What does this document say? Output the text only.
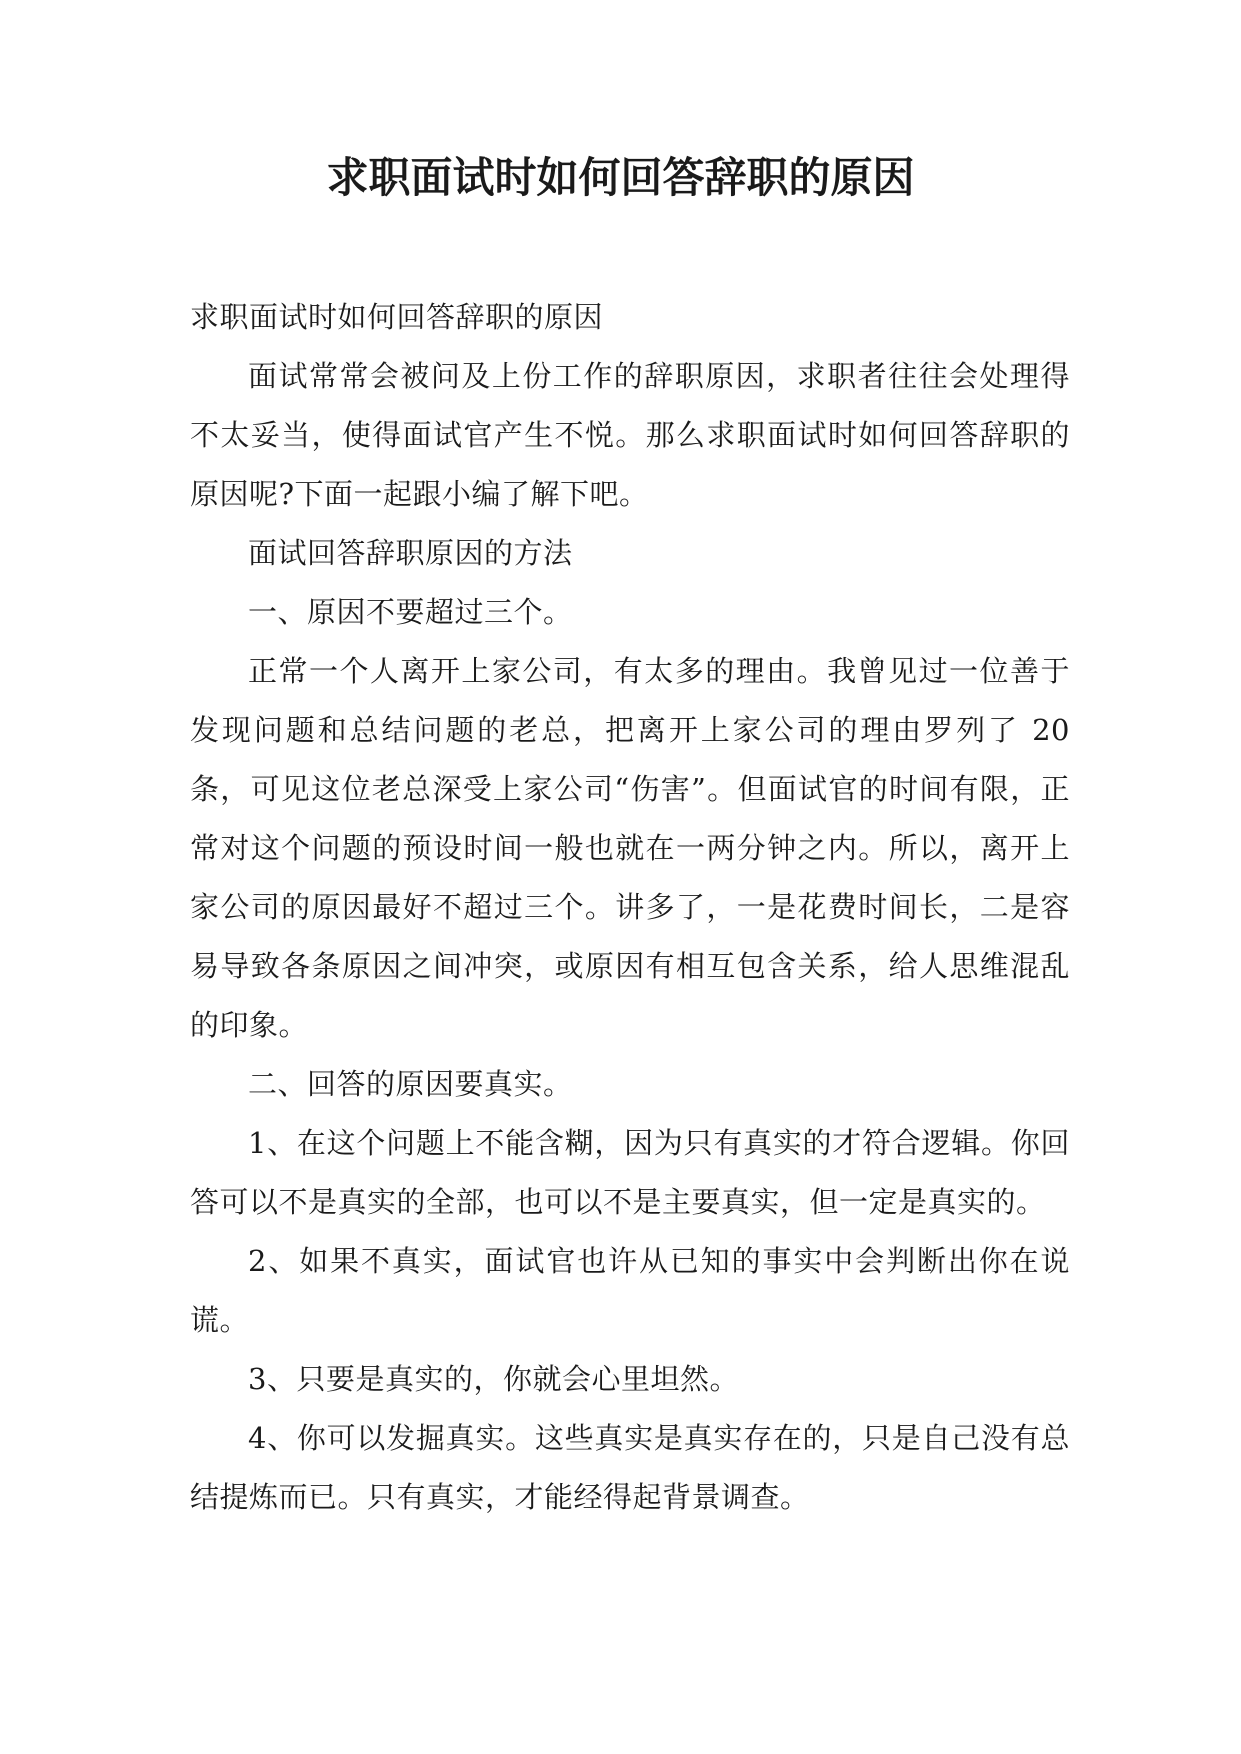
求职面试时如何回答辞职的原因

求职面试时如何回答辞职的原因

面试常常会被问及上份工作的辞职原因，求职者往往会处理得不太妥当，使得面试官产生不悦。那么求职面试时如何回答辞职的原因呢?下面一起跟小编了解下吧。

面试回答辞职原因的方法

一、原因不要超过三个。

正常一个人离开上家公司，有太多的理由。我曾见过一位善于发现问题和总结问题的老总，把离开上家公司的理由罗列了 20 条，可见这位老总深受上家公司“伤害”。但面试官的时间有限，正常对这个问题的预设时间一般也就在一两分钟之内。所以，离开上家公司的原因最好不超过三个。讲多了，一是花费时间长，二是容易导致各条原因之间冲突，或原因有相互包含关系，给人思维混乱的印象。

二、回答的原因要真实。

1、在这个问题上不能含糊，因为只有真实的才符合逻辑。你回答可以不是真实的全部，也可以不是主要真实，但一定是真实的。

2、如果不真实，面试官也许从已知的事实中会判断出你在说谎。

3、只要是真实的，你就会心里坦然。

4、你可以发掘真实。这些真实是真实存在的，只是自己没有总结提炼而已。只有真实，才能经得起背景调查。
